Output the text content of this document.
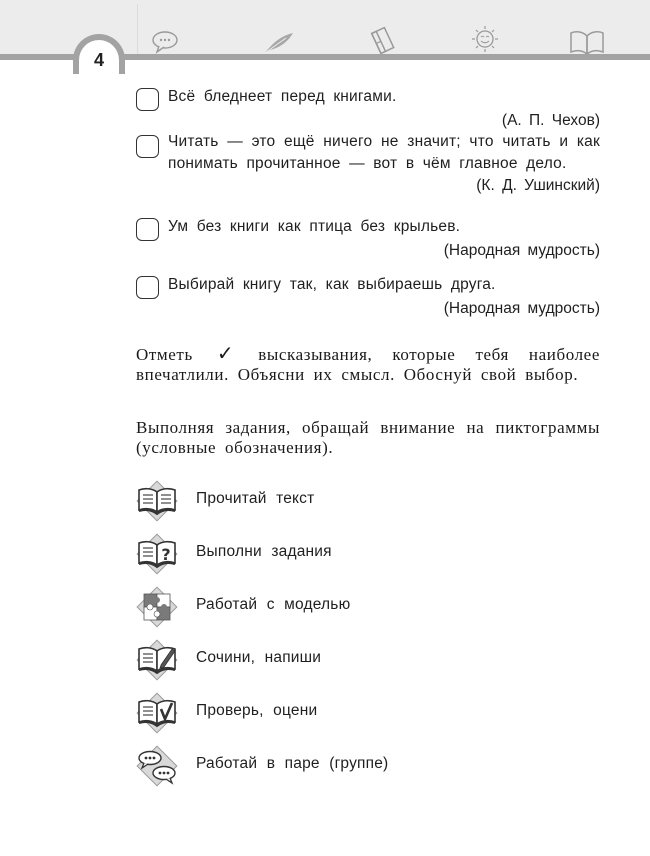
4
Всё бледнеет перед книгами.
(А. П. Чехов)
Читать — это ещё ничего не значит; что читать и как понимать прочитанное — вот в чём главное дело.
(К. Д. Ушинский)
Ум без книги как птица без крыльев.
(Народная мудрость)
Выбирай книгу так, как выбираешь друга.
(Народная мудрость)
Отметь ✓ высказывания, которые тебя наиболее впечатлили. Объясни их смысл. Обоснуй свой выбор.
Выполняя задания, обращай внимание на пиктограммы (условные обозначения).
Прочитай текст
? Выполни задания
Работай с моделью
Сочини, напиши
Проверь, оцени
Работай в паре (группе)
